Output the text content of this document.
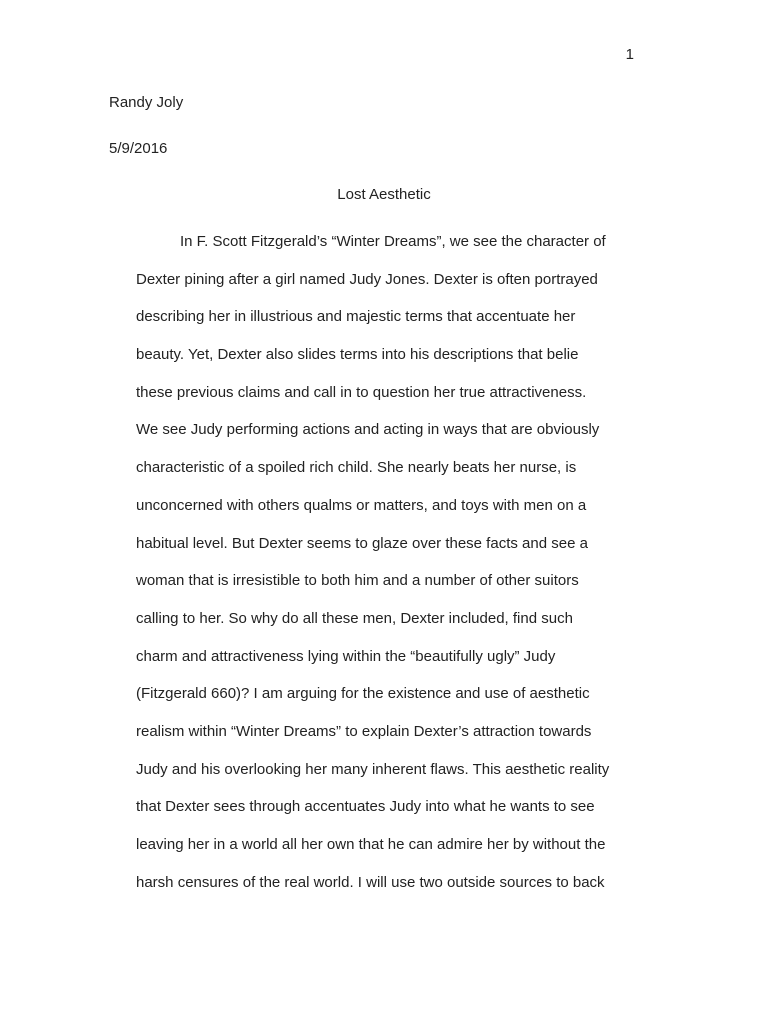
1
Randy Joly
5/9/2016
Lost Aesthetic
In F. Scott Fitzgerald’s “Winter Dreams”, we see the character of
Dexter pining after a girl named Judy Jones. Dexter is often portrayed
describing her in illustrious and majestic terms that accentuate her
beauty. Yet, Dexter also slides terms into his descriptions that belie
these previous claims and call in to question her true attractiveness.
We see Judy performing actions and acting in ways that are obviously
characteristic of a spoiled rich child. She nearly beats her nurse, is
unconcerned with others qualms or matters, and toys with men on a
habitual level. But Dexter seems to glaze over these facts and see a
woman that is irresistible to both him and a number of other suitors
calling to her. So why do all these men, Dexter included, find such
charm and attractiveness lying within the “beautifully ugly” Judy
(Fitzgerald 660)? I am arguing for the existence and use of aesthetic
realism within “Winter Dreams” to explain Dexter’s attraction towards
Judy and his overlooking her many inherent flaws. This aesthetic reality
that Dexter sees through accentuates Judy into what he wants to see
leaving her in a world all her own that he can admire her by without the
harsh censures of the real world. I will use two outside sources to back
